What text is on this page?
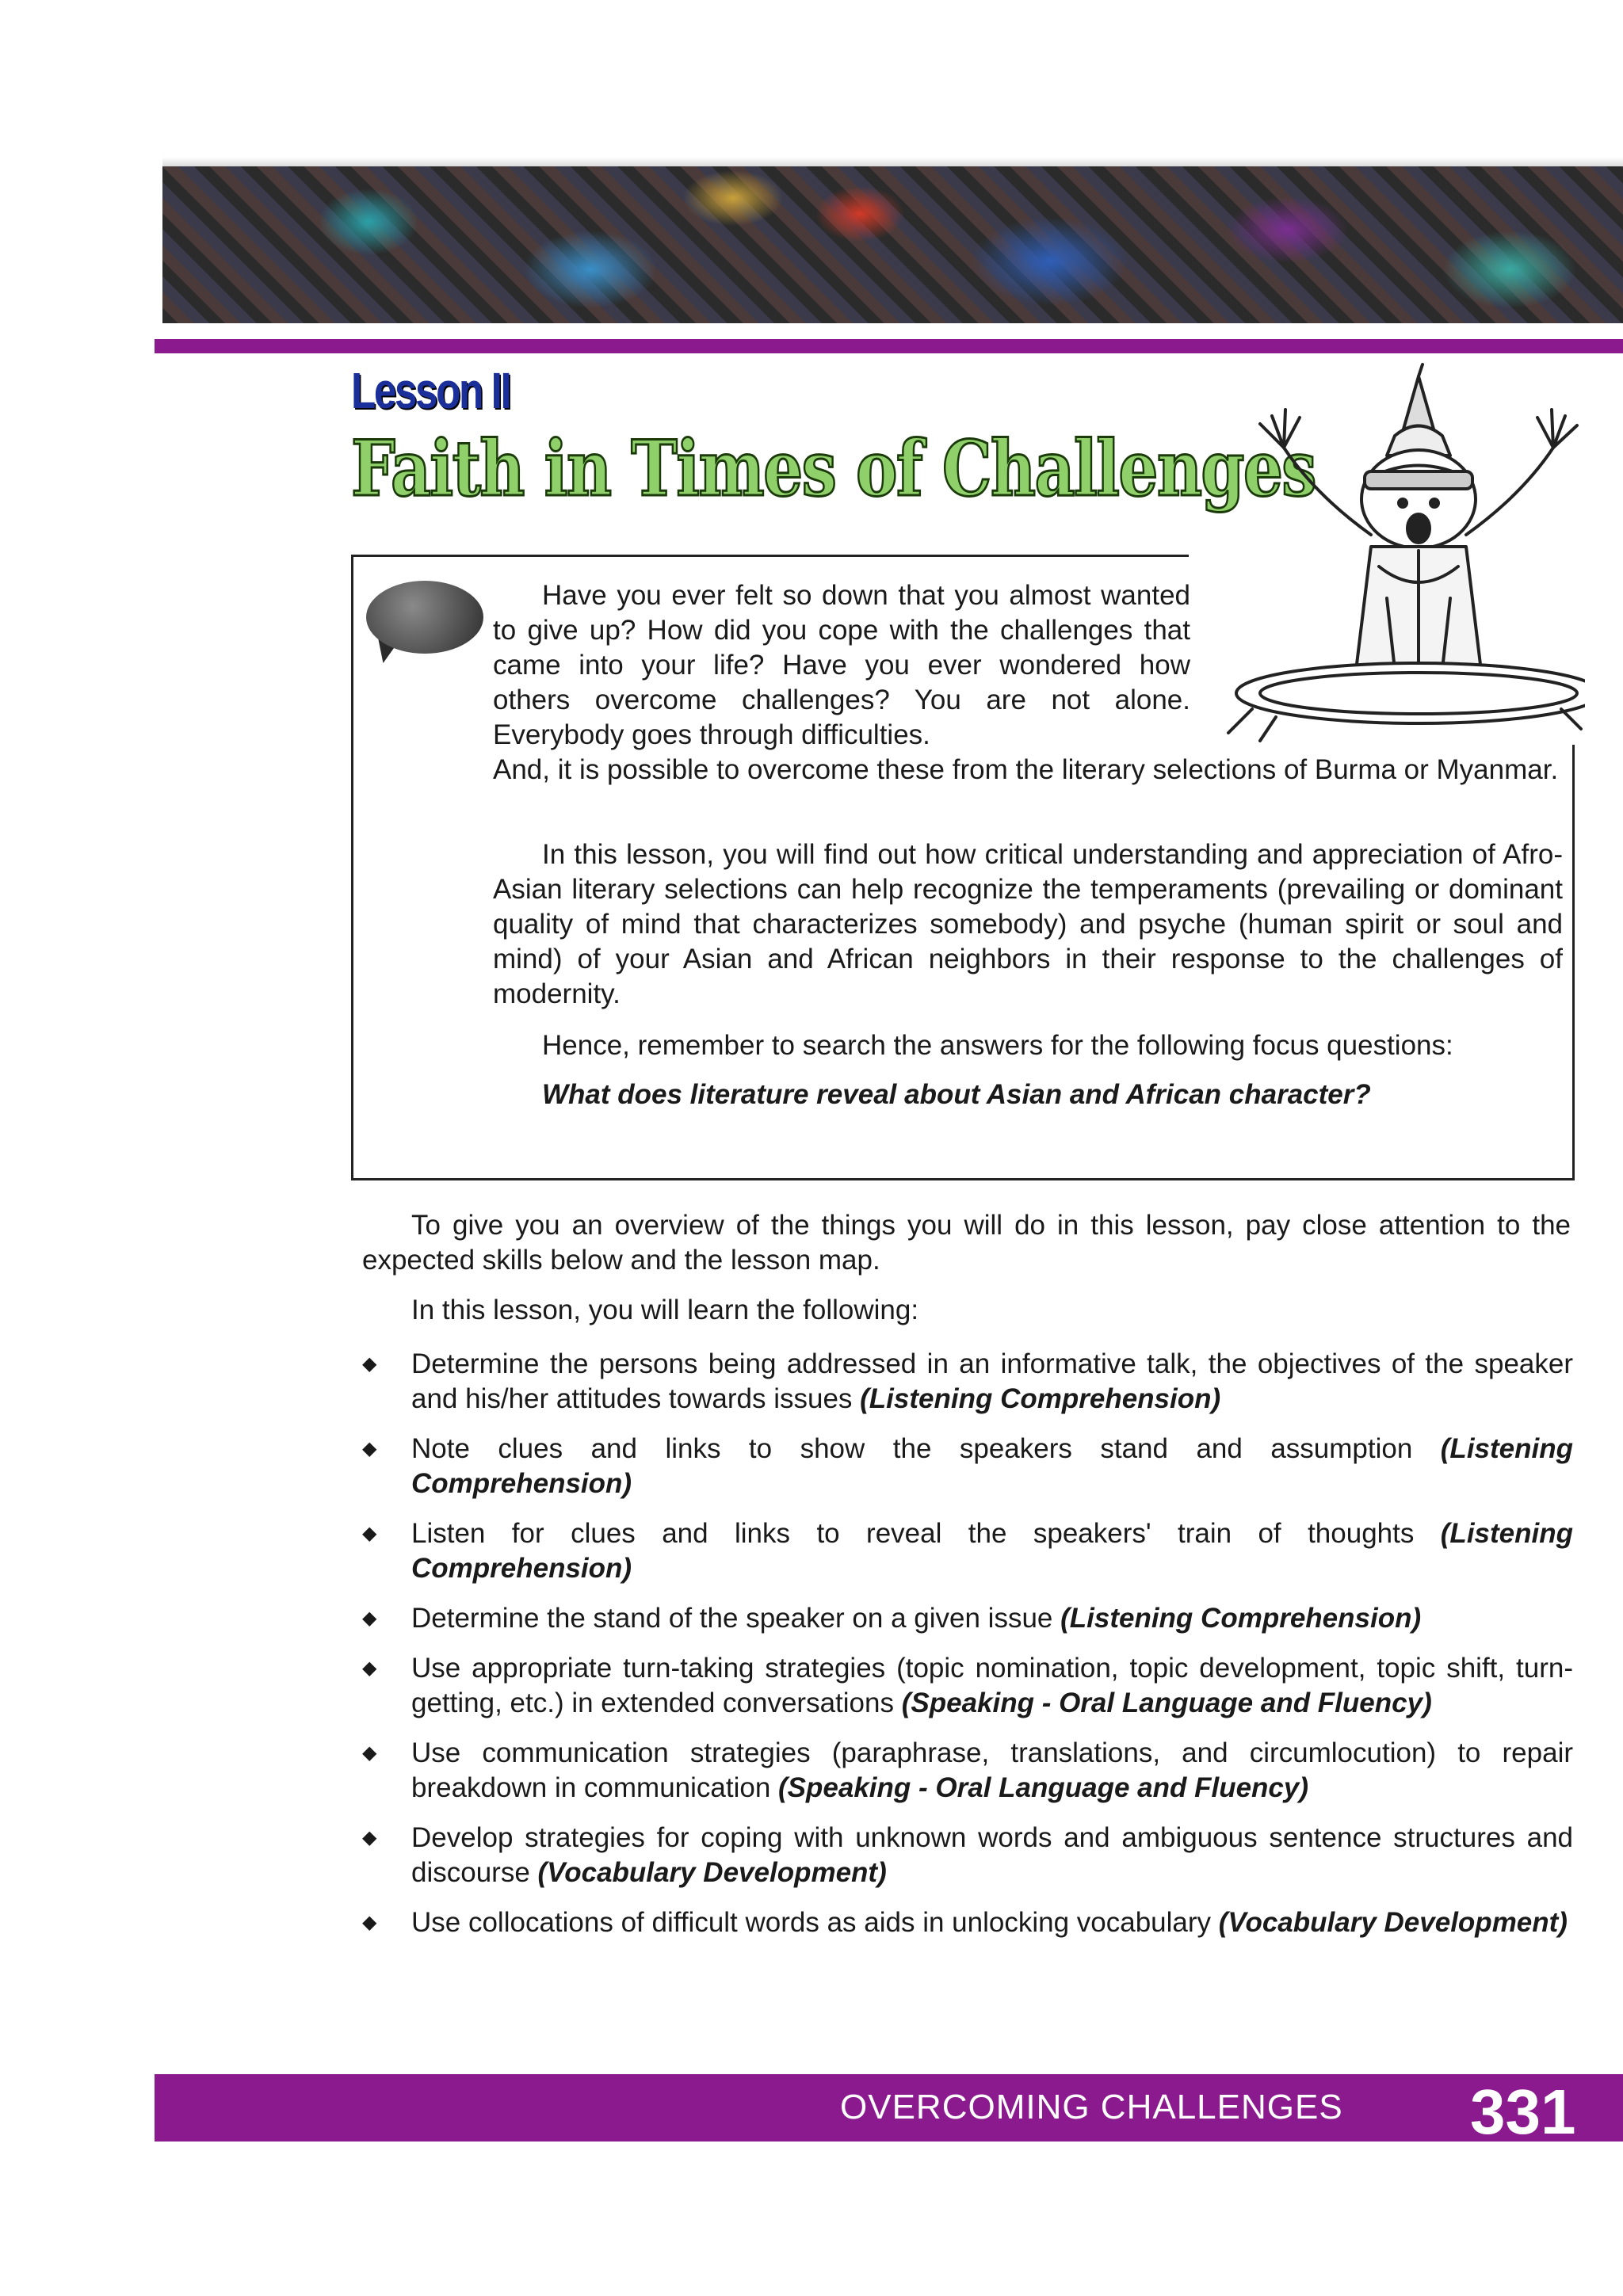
Lesson II
Faith in Times of Challenges
Have you ever felt so down that you almost wanted to give up? How did you cope with the challenges that came into your life? Have you ever wondered how others overcome challenges? You are not alone. Everybody goes through difficulties.
And, it is possible to overcome these from the literary selections of Burma or Myanmar.
In this lesson, you will find out how critical understanding and appreciation of Afro-Asian literary selections can help recognize the temperaments (prevailing or dominant quality of mind that characterizes somebody) and psyche (human spirit or soul and mind) of your Asian and African neighbors in their response to the challenges of modernity.
Hence, remember to search the answers for the following focus questions:
What does literature reveal about Asian and African character?
To give you an overview of the things you will do in this lesson, pay close attention to the expected skills below and the lesson map.
In this lesson, you will learn the following:
◆ Determine the persons being addressed in an informative talk, the objectives of the speaker and his/her attitudes towards issues (Listening Comprehension)
◆ Note clues and links to show the speakers stand and assumption (Listening Comprehension)
◆ Listen for clues and links to reveal the speakers' train of thoughts (Listening Comprehension)
◆ Determine the stand of the speaker on a given issue (Listening Comprehension)
◆ Use appropriate turn-taking strategies (topic nomination, topic development, topic shift, turn-getting, etc.) in extended conversations (Speaking - Oral Language and Fluency)
◆ Use communication strategies (paraphrase, translations, and circumlocution) to repair breakdown in communication (Speaking - Oral Language and Fluency)
◆ Develop strategies for coping with unknown words and ambiguous sentence structures and discourse (Vocabulary Development)
◆ Use collocations of difficult words as aids in unlocking vocabulary (Vocabulary Development)
OVERCOMING CHALLENGES 331
